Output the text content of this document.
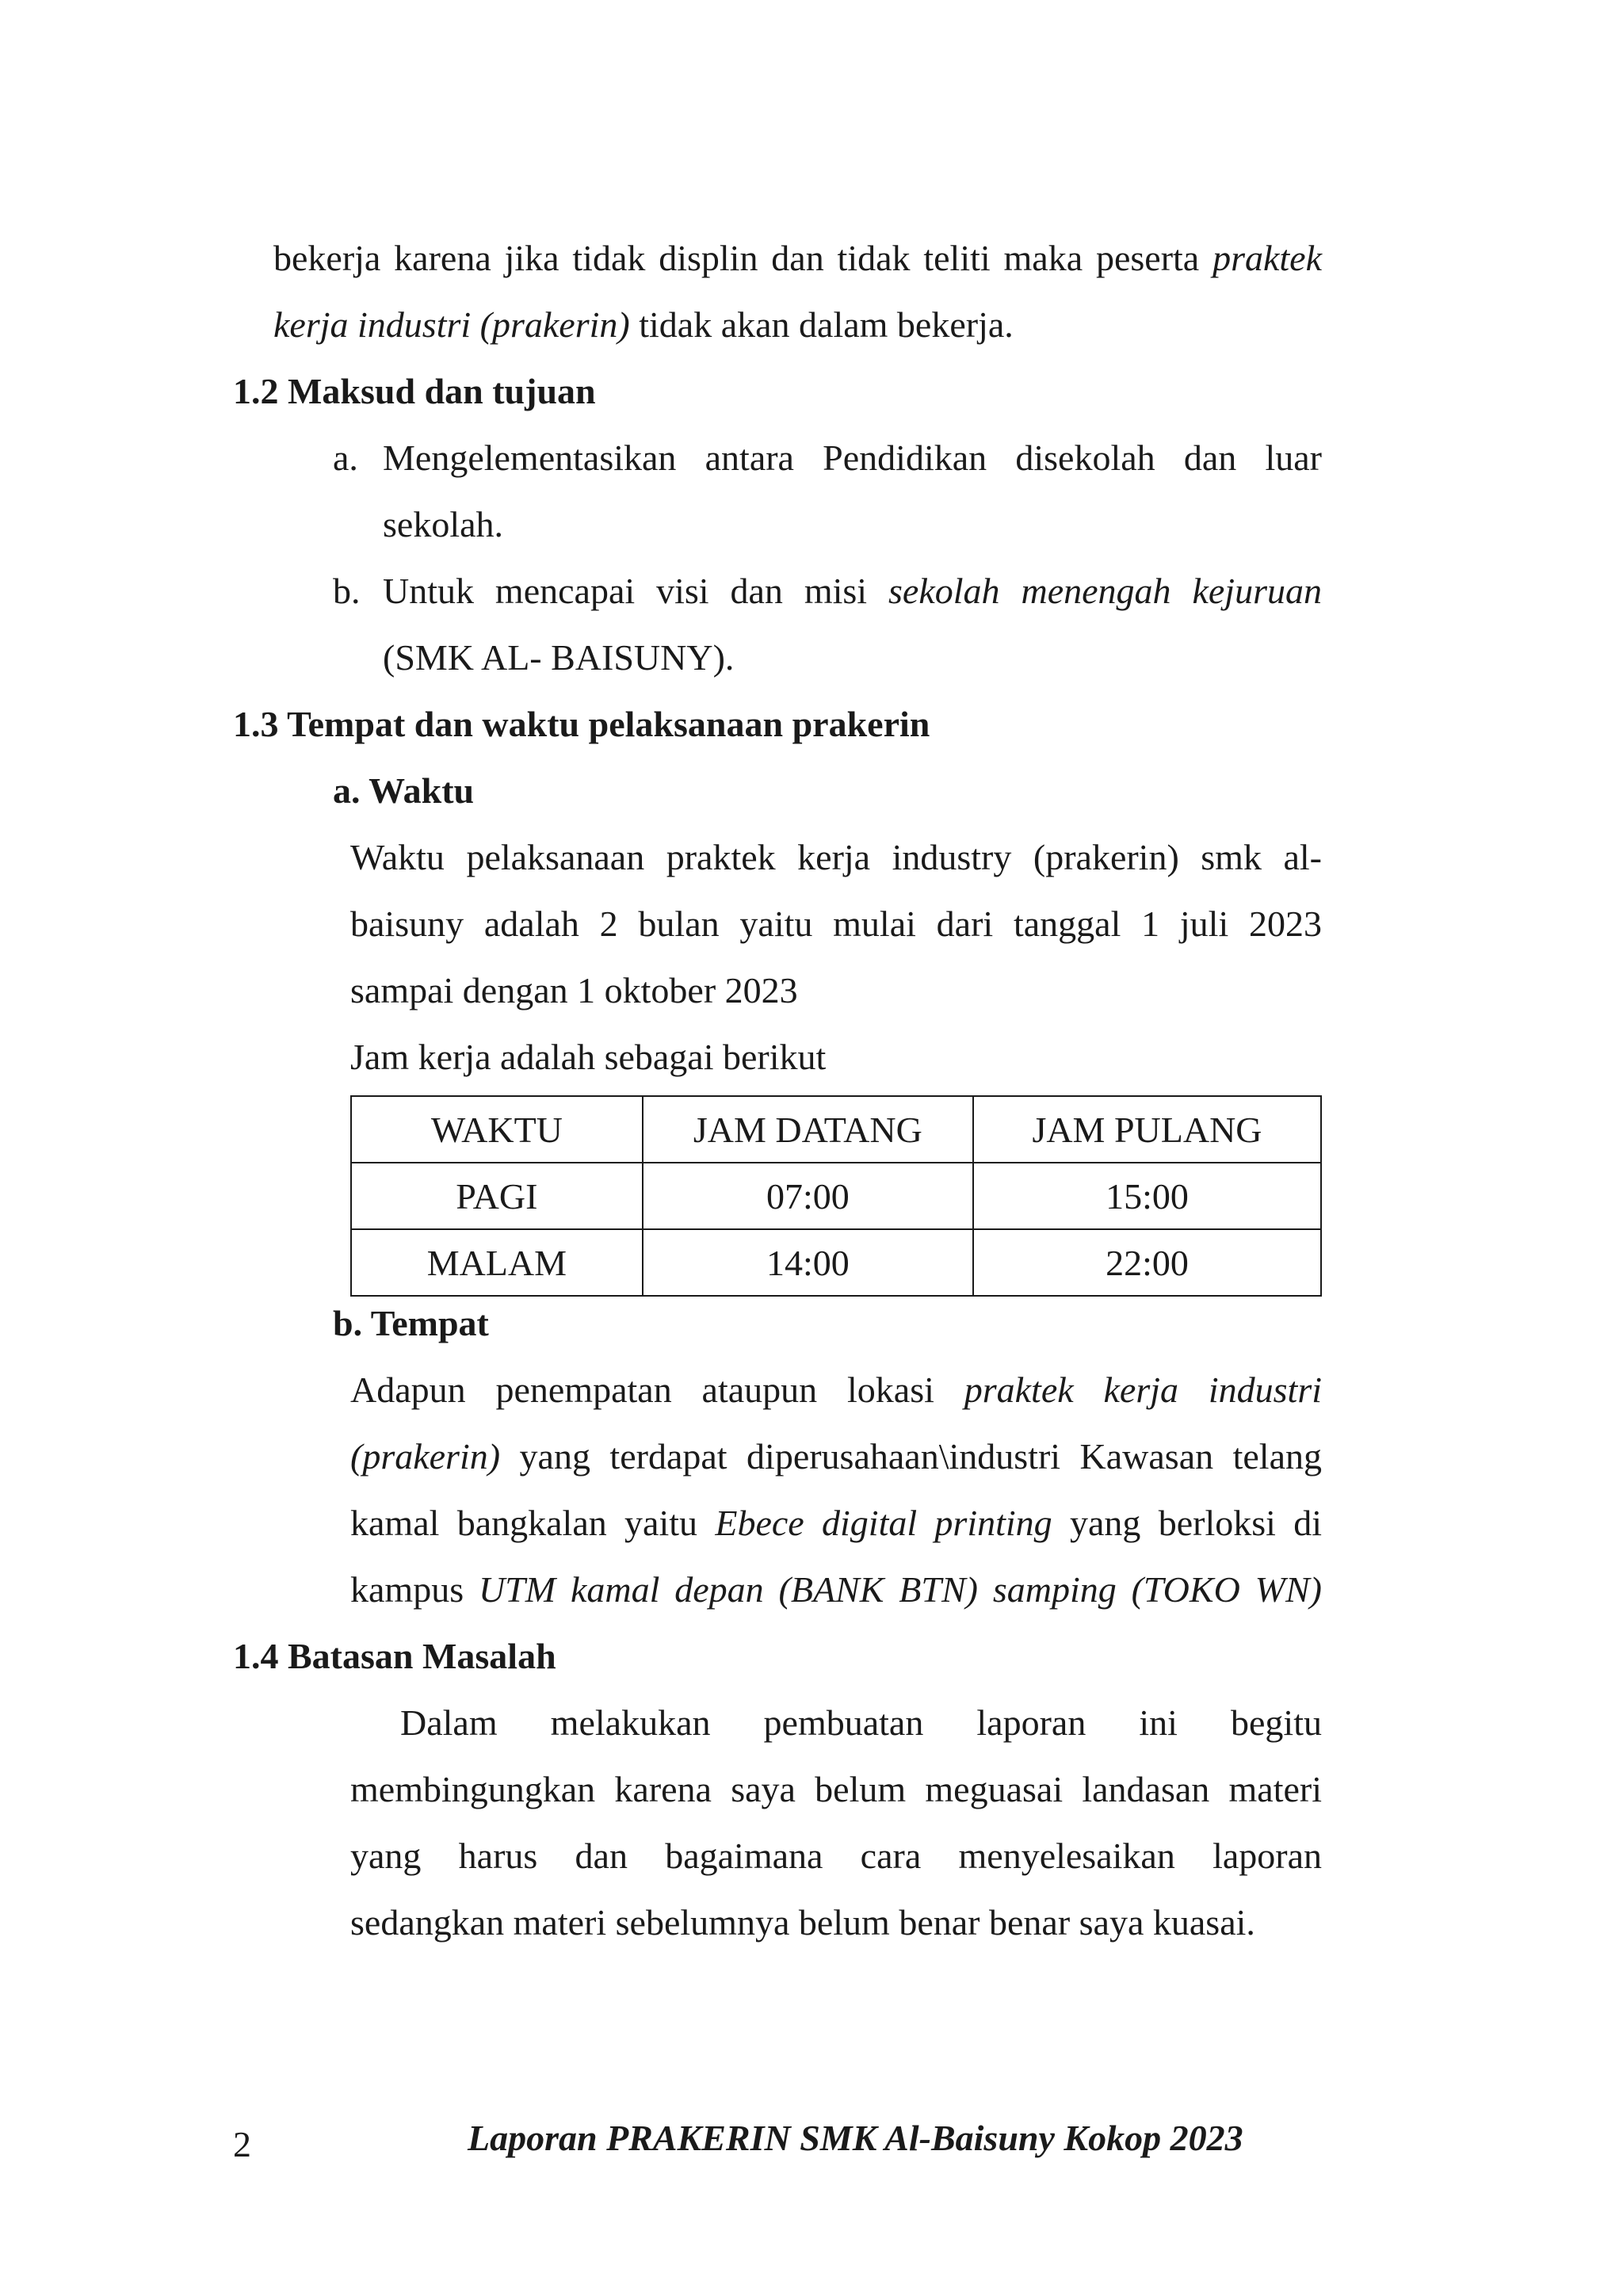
bekerja karena jika tidak displin dan tidak teliti maka peserta praktek
kerja industri (prakerin) tidak akan dalam bekerja.
1.2 Maksud dan tujuan
a. Mengelementasikan antara Pendidikan disekolah dan luar
sekolah.
b. Untuk mencapai visi dan misi sekolah menengah kejuruan
(SMK AL- BAISUNY).
1.3 Tempat dan waktu pelaksanaan prakerin
a. Waktu
Waktu pelaksanaan praktek kerja industry (prakerin) smk al-
baisuny adalah 2 bulan yaitu mulai dari tanggal 1 juli 2023
sampai dengan 1 oktober 2023
Jam kerja adalah sebagai berikut
WAKTU	JAM DATANG	JAM PULANG
PAGI	07:00	15:00
MALAM	14:00	22:00
b. Tempat
Adapun penempatan ataupun lokasi praktek kerja industri
(prakerin) yang terdapat diperusahaan\industri Kawasan telang
kamal bangkalan yaitu Ebece digital printing yang berloksi di
kampus UTM kamal depan (BANK BTN) samping (TOKO WN)
1.4 Batasan Masalah
Dalam melakukan pembuatan laporan ini begitu
membingungkan karena saya belum meguasai landasan materi
yang harus dan bagaimana cara menyelesaikan laporan
sedangkan materi sebelumnya belum benar benar saya kuasai.
2	Laporan PRAKERIN SMK Al-Baisuny Kokop 2023
